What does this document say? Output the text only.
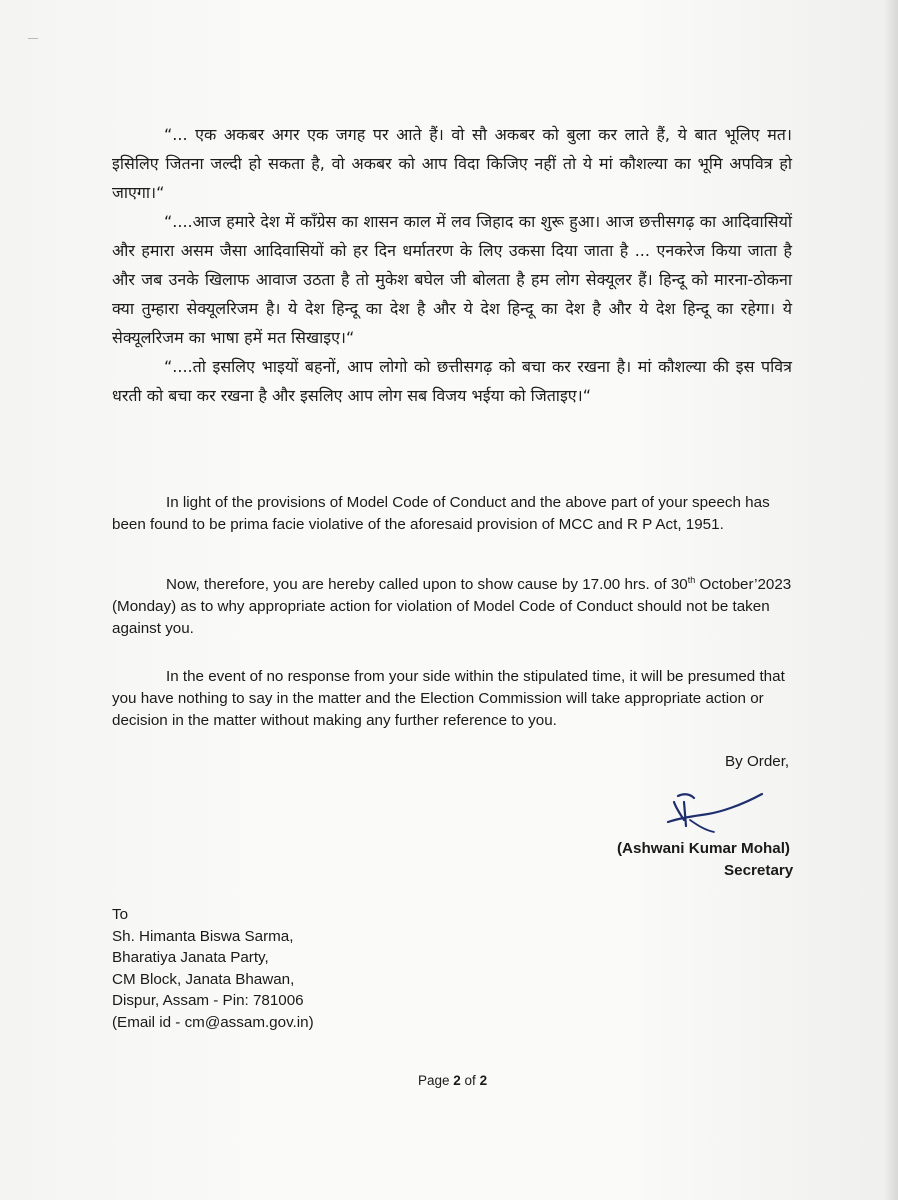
“... एक अकबर अगर एक जगह पर आते हैं। वो सौ अकबर को बुला कर लाते हैं, ये बात भूलिए मत। इसिलिए जितना जल्दी हो सकता है, वो अकबर को आप विदा किजिए नहीं तो ये मां कौशल्या का भूमि अपवित्र हो जाएगा।“

“....आज हमारे देश में काँग्रेस का शासन काल में लव जिहाद का शुरू हुआ। आज छत्तीसगढ़ का आदिवासियों और हमारा असम जैसा आदिवासियों को हर दिन धर्मातरण के लिए उकसा दिया जाता है ... एनकरेज किया जाता है और जब उनके खिलाफ आवाज उठता है तो मुकेश बघेल जी बोलता है हम लोग सेक्यूलर हैं। हिन्दू को मारना-ठोकना क्या तुम्हारा सेक्यूलरिजम है। ये देश हिन्दू का देश है और ये देश हिन्दू का देश है और ये देश हिन्दू का रहेगा। ये सेक्यूलरिजम का भाषा हमें मत सिखाइए।“

“....तो इसलिए भाइयों बहनों, आप लोगो को छत्तीसगढ़ को बचा कर रखना है। मां कौशल्या की इस पवित्र धरती को बचा कर रखना है और इसलिए आप लोग सब विजय भईया को जिताइए।“

In light of the provisions of Model Code of Conduct and the above part of your speech has been found to be prima facie violative of the aforesaid provision of MCC and R P Act, 1951.

Now, therefore, you are hereby called upon to show cause by 17.00 hrs. of 30th October’2023 (Monday) as to why appropriate action for violation of Model Code of Conduct should not be taken against you.

In the event of no response from your side within the stipulated time, it will be presumed that you have nothing to say in the matter and the Election Commission will take appropriate action or decision in the matter without making any further reference to you.

By Order,
(Ashwani Kumar Mohal)
Secretary
To
Sh. Himanta Biswa Sarma,
Bharatiya Janata Party,
CM Block, Janata Bhawan,
Dispur, Assam - Pin: 781006
(Email id - cm@assam.gov.in)
Page 2 of 2
